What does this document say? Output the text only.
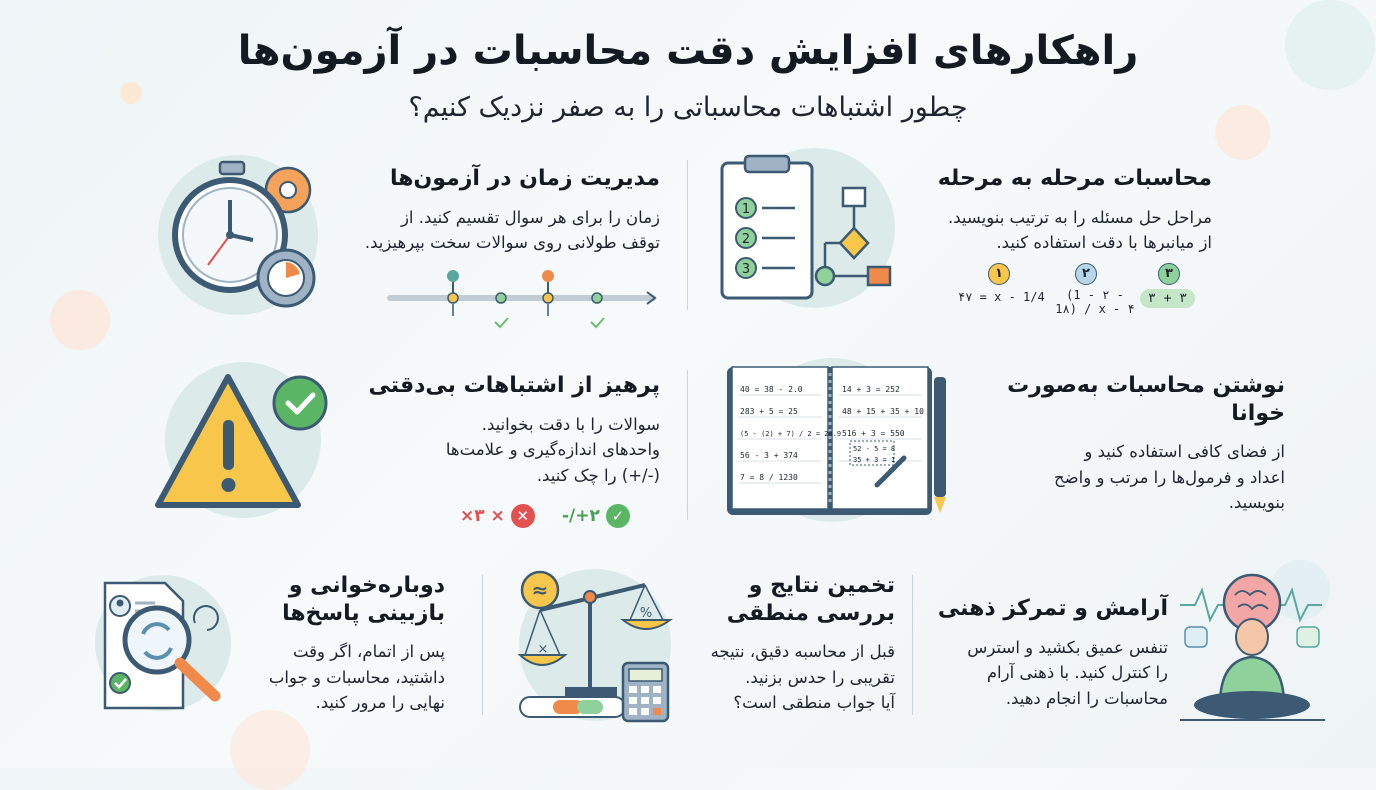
راهکارهای افزایش دقت محاسبات در آزمون‌ها
چطور اشتباهات محاسباتی را به صفر نزدیک کنیم؟
محاسبات مرحله به مرحله

مراحل حل مسئله را به ترتیب بنویسید.

از میانبرها با دقت استفاده کنید.

1
2
3	۱	۲	۳
۴۷ = x - 1/4	(1 - ۲ - 1۸) / x - ۴
۳ + ۳
مدیریت زمان در آزمون‌ها

زمان را برای هر سوال تقسیم کنید. از

توقف طولانی روی سوالات سخت بپرهیزید.

نوشتن محاسبات به‌صورت خوانا

از فضای کافی استفاده کنید و

اعداد و فرمول‌ها را مرتب و واضح

بنویسید.

40 = 38 - 2.0
283 + 5 = 25
(5 - (2) + 7) / 2 = 28.9
56 - 3 + 374
7 = 8 / 1230
14 + 3 = 252
48 + 15 + 35 + 10
516 + 3 = 550
52 - 5 = 8
35 + 3 = 1
پرهیز از اشتباهات بی‌دقتی

سوالات را با دقت بخوانید.

واحدهای اندازه‌گیری و علامت‌ها

(-/+) را چک کنید.

×۳ × ✕	-/+۲ ✓
آرامش و تمرکز ذهنی

تنفس عمیق بکشید و استرس

را کنترل کنید. با ذهنی آرام

محاسبات را انجام دهید.

تخمین نتایج و بررسی منطقی

قبل از محاسبه دقیق، نتیجه

تقریبی را حدس بزنید.

آیا جواب منطقی است؟

≈
×
%
دوباره‌خوانی و بازبینی پاسخ‌ها

پس از اتمام، اگر وقت

داشتید، محاسبات و جواب

نهایی را مرور کنید.
